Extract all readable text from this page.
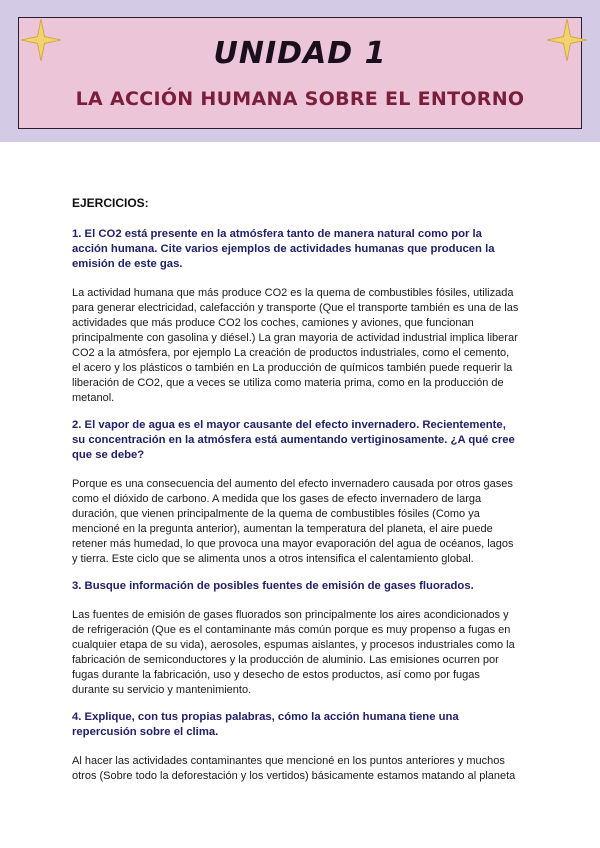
UNIDAD 1
LA ACCIÓN HUMANA SOBRE EL ENTORNO
EJERCICIOS:
1. El CO2 está presente en la atmósfera tanto de manera natural como por la acción humana. Cite varios ejemplos de actividades humanas que producen la emisión de este gas.
La actividad humana que más produce CO2 es la quema de combustibles fósiles, utilizada para generar electricidad, calefacción y transporte (Que el transporte también es una de las actividades que más produce CO2 los coches, camiones y aviones, que funcionan principalmente con gasolina y diésel.) La gran mayoria de actividad industrial implica liberar CO2 a la atmósfera, por ejemplo La creación de productos industriales, como el cemento, el acero y los plásticos o también en La producción de químicos también puede requerir la liberación de CO2, que a veces se utiliza como materia prima, como en la producción de metanol.
2. El vapor de agua es el mayor causante del efecto invernadero. Recientemente, su concentración en la atmósfera está aumentando vertiginosamente. ¿A qué cree que se debe?
Porque es una consecuencia del aumento del efecto invernadero causada por otros gases como el dióxido de carbono. A medida que los gases de efecto invernadero de larga duración, que vienen principalmente de la quema de combustibles fósiles (Como ya mencioné en la pregunta anterior), aumentan la temperatura del planeta, el aire puede retener más humedad, lo que provoca una mayor evaporación del agua de océanos, lagos y tierra. Este ciclo que se alimenta unos a otros intensifica el calentamiento global.
3. Busque información de posibles fuentes de emisión de gases fluorados.
Las fuentes de emisión de gases fluorados son principalmente los aires acondicionados y de refrigeración (Que es el contaminante más común porque es muy propenso a fugas en cualquier etapa de su vida), aerosoles, espumas aislantes, y procesos industriales como la fabricación de semiconductores y la producción de aluminio. Las emisiones ocurren por fugas durante la fabricación, uso y desecho de estos productos, así como por fugas durante su servicio y mantenimiento.
4. Explique, con tus propias palabras, cómo la acción humana tiene una repercusión sobre el clima.
Al hacer las actividades contaminantes que mencioné en los puntos anteriores y muchos otros (Sobre todo la deforestación y los vertidos) básicamente estamos matando al planeta
